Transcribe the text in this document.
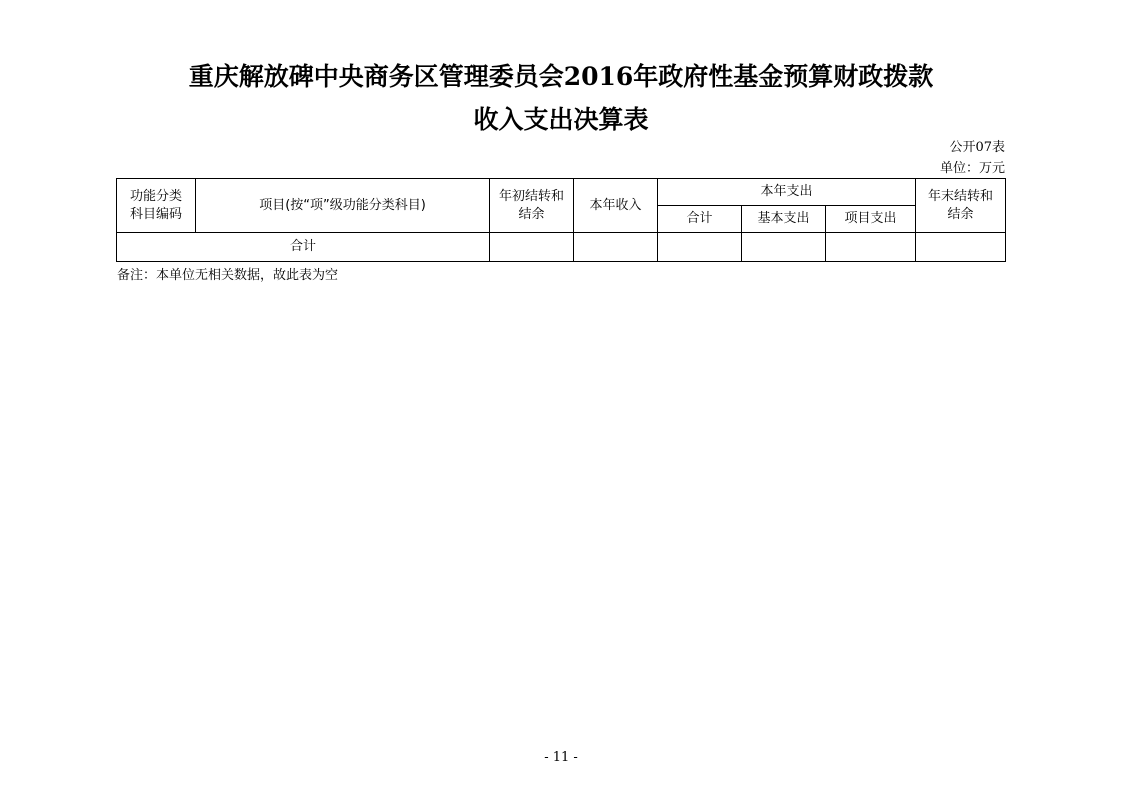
重庆解放碑中央商务区管理委员会2016年政府性基金预算财政拨款
收入支出决算表
公开07表
单位：万元
功能分类科目编码	项目(按“项”级功能分类科目)	年初结转和结余	本年收入	本年支出			年末结转和结余
				合计	基本支出	项目支出	
合计							
备注：本单位无相关数据，故此表为空
- 11 -
